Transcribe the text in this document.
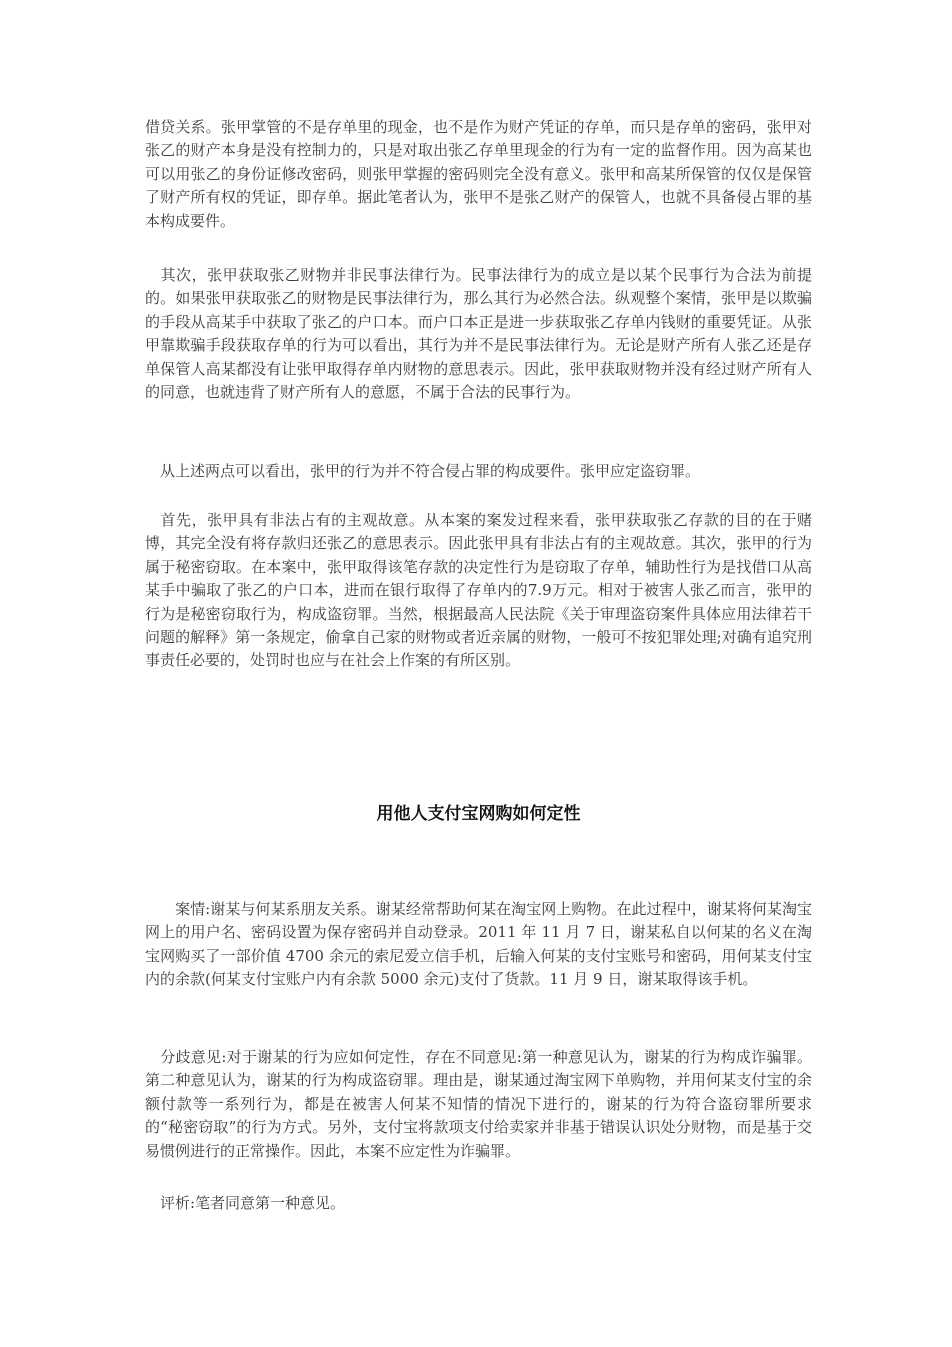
借贷关系。张甲掌管的不是存单里的现金，也不是作为财产凭证的存单，而只是存单的密码，张甲对张乙的财产本身是没有控制力的，只是对取出张乙存单里现金的行为有一定的监督作用。因为高某也可以用张乙的身份证修改密码，则张甲掌握的密码则完全没有意义。张甲和高某所保管的仅仅是保管了财产所有权的凭证，即存单。据此笔者认为，张甲不是张乙财产的保管人，也就不具备侵占罪的基本构成要件。

　其次，张甲获取张乙财物并非民事法律行为。民事法律行为的成立是以某个民事行为合法为前提的。如果张甲获取张乙的财物是民事法律行为，那么其行为必然合法。纵观整个案情，张甲是以欺骗的手段从高某手中获取了张乙的户口本。而户口本正是进一步获取张乙存单内钱财的重要凭证。从张甲靠欺骗手段获取存单的行为可以看出，其行为并不是民事法律行为。无论是财产所有人张乙还是存单保管人高某都没有让张甲取得存单内财物的意思表示。因此，张甲获取财物并没有经过财产所有人的同意，也就违背了财产所有人的意愿，不属于合法的民事行为。

　从上述两点可以看出，张甲的行为并不符合侵占罪的构成要件。张甲应定盗窃罪。

　首先，张甲具有非法占有的主观故意。从本案的案发过程来看，张甲获取张乙存款的目的在于赌博，其完全没有将存款归还张乙的意思表示。因此张甲具有非法占有的主观故意。其次，张甲的行为属于秘密窃取。在本案中，张甲取得该笔存款的决定性行为是窃取了存单，辅助性行为是找借口从高某手中骗取了张乙的户口本，进而在银行取得了存单内的7.9万元。相对于被害人张乙而言，张甲的行为是秘密窃取行为，构成盗窃罪。当然，根据最高人民法院《关于审理盗窃案件具体应用法律若干问题的解释》第一条规定，偷拿自己家的财物或者近亲属的财物，一般可不按犯罪处理;对确有追究刑事责任必要的，处罚时也应与在社会上作案的有所区别。

用他人支付宝网购如何定性

　　案情:谢某与何某系朋友关系。谢某经常帮助何某在淘宝网上购物。在此过程中，谢某将何某淘宝网上的用户名、密码设置为保存密码并自动登录。2011 年 11 月 7 日，谢某私自以何某的名义在淘宝网购买了一部价值 4700 余元的索尼爱立信手机，后输入何某的支付宝账号和密码，用何某支付宝内的余款(何某支付宝账户内有余款 5000 余元)支付了货款。11 月 9 日，谢某取得该手机。

　分歧意见:对于谢某的行为应如何定性，存在不同意见:第一种意见认为，谢某的行为构成诈骗罪。第二种意见认为，谢某的行为构成盗窃罪。理由是，谢某通过淘宝网下单购物，并用何某支付宝的余额付款等一系列行为，都是在被害人何某不知情的情况下进行的，谢某的行为符合盗窃罪所要求的“秘密窃取”的行为方式。另外，支付宝将款项支付给卖家并非基于错误认识处分财物，而是基于交易惯例进行的正常操作。因此，本案不应定性为诈骗罪。

　评析:笔者同意第一种意见。
